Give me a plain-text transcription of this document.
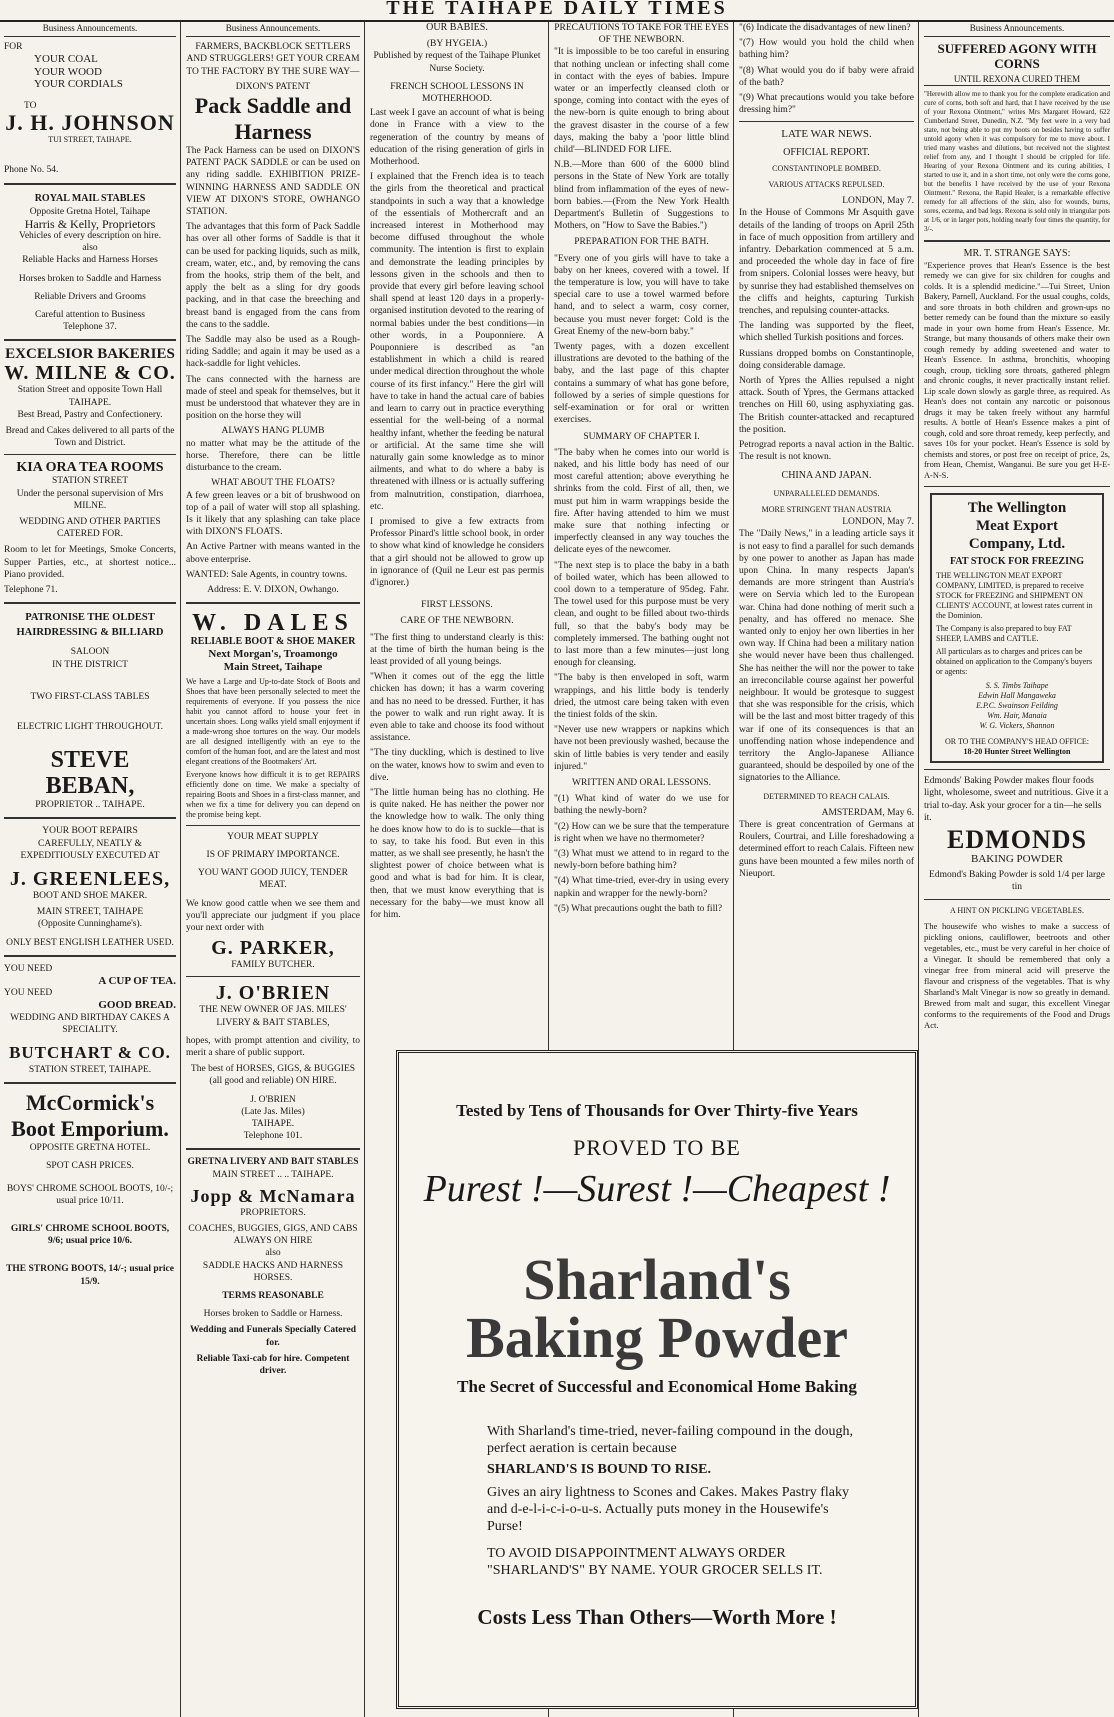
THE TAIHAPE DAILY TIMES
Business Announcements.
FOR
YOUR COAL
YOUR WOOD
YOUR CORDIALS
TO
J. H. JOHNSON
TUI STREET, TAIHAPE.
Phone No. 54.
ROYAL MAIL STABLES
Opposite Gretna Hotel, Taihape
Harris & Kelly, Proprietors
Vehicles of every description on hire.
also
Reliable Hacks and Harness Horses
Horses broken to Saddle and Harness
Reliable Drivers and Grooms
Careful attention to Business
Telephone 37.
EXCELSIOR BAKERIES
W. MILNE & CO.
Station Street and opposite Town Hall TAIHAPE.
Best Bread, Pastry and Confectionery.
Bread and Cakes delivered to all parts of the Town and District.
KIA ORA TEA ROOMS
STATION STREET
Under the personal supervision of Mrs MILNE.
WEDDING AND OTHER PARTIES CATERED FOR.

Room to let for Meetings, Smoke Concerts, Supper Parties, etc., at shortest notice... Piano provided.

Telephone 71.
PATRONISE THE OLDEST HAIRDRESSING & BILLIARD
SALOON
IN THE DISTRICT
TWO FIRST-CLASS TABLES
ELECTRIC LIGHT THROUGHOUT.
STEVE BEBAN,
PROPRIETOR .. TAIHAPE.
YOUR BOOT REPAIRS
CAREFULLY, NEATLY & EXPEDITIOUSLY EXECUTED AT
J. GREENLEES,
BOOT AND SHOE MAKER.
MAIN STREET, TAIHAPE
(Opposite Cunninghame's).
ONLY BEST ENGLISH LEATHER USED.
YOU NEED
A CUP OF TEA.
YOU NEED
GOOD BREAD.
WEDDING AND BIRTHDAY CAKES A SPECIALITY.
BUTCHART & CO.
STATION STREET, TAIHAPE.
McCormick's
Boot Emporium.
OPPOSITE GRETNA HOTEL.
SPOT CASH PRICES.
BOYS' CHROME SCHOOL BOOTS, 10/-; usual price 10/11.
GIRLS' CHROME SCHOOL BOOTS, 9/6; usual price 10/6.
THE STRONG BOOTS, 14/-; usual price 15/9.
Business Announcements.

FARMERS, BACKBLOCK SETTLERS AND STRUGGLERS! GET YOUR CREAM TO THE FACTORY BY THE SURE WAY—

DIXON'S PATENT
Pack Saddle and Harness

The Pack Harness can be used on DIXON'S PATENT PACK SADDLE or can be used on any riding saddle. EXHIBITION PRIZE-WINNING HARNESS AND SADDLE ON VIEW AT DIXON'S STORE, OWHANGO STATION.

The advantages that this form of Pack Saddle has over all other forms of Saddle is that it can be used for packing liquids, such as milk, cream, water, etc., and, by removing the cans from the hooks, strip them of the belt, and apply the belt as a sling for dry goods packing, and in that case the breeching and breast band is engaged from the cans from the cans to the saddle.

The Saddle may also be used as a Rough-riding Saddle; and again it may be used as a hack-saddle for light vehicles.

The cans connected with the harness are made of steel and speak for themselves, but it must be understood that whatever they are in position on the horse they will

ALWAYS HANG PLUMB

no matter what may be the attitude of the horse. Therefore, there can be little disturbance to the cream.

WHAT ABOUT THE FLOATS?

A few green leaves or a bit of brushwood on top of a pail of water will stop all splashing. Is it likely that any splashing can take place with DIXON'S FLOATS.

An Active Partner with means wanted in the above enterprise.

WANTED: Sale Agents, in country towns.

Address: E. V. DIXON, Owhango.
W. DALES
RELIABLE BOOT & SHOE MAKER
Next Morgan's, Troamongo
Main Street, Taihape

We have a Large and Up-to-date Stock of Boots and Shoes that have been personally selected to meet the requirements of everyone. If you possess the nice habit you cannot afford to house your feet in uncertain shoes. Long walks yield small enjoyment if a made-wrong shoe tortures on the way. Our models are all designed intelligently with an eye to the comfort of the human foot, and are the latest and most elegant creations of the Bootmakers' Art.

Everyone knows how difficult it is to get REPAIRS efficiently done on time. We make a specialty of repairing Boots and Shoes in a first-class manner, and when we fix a time for delivery you can depend on the promise being kept.

YOUR MEAT SUPPLY
IS OF PRIMARY IMPORTANCE.
YOU WANT GOOD JUICY, TENDER MEAT.

We know good cattle when we see them and you'll appreciate our judgment if you place your next order with

G. PARKER,
FAMILY BUTCHER.
J. O'BRIEN
THE NEW OWNER OF JAS. MILES' LIVERY & BAIT STABLES,

hopes, with prompt attention and civility, to merit a share of public support.

The best of HORSES, GIGS, & BUGGIES (all good and reliable) ON HIRE.
J. O'BRIEN
(Late Jas. Miles)
TAIHAPE.
Telephone 101.
GRETNA LIVERY AND BAIT STABLES
MAIN STREET .. .. TAIHAPE.
Jopp & McNamara
PROPRIETORS.
COACHES, BUGGIES, GIGS, AND CABS ALWAYS ON HIRE
also
SADDLE HACKS AND HARNESS HORSES.
TERMS REASONABLE
Horses broken to Saddle or Harness.
Wedding and Funerals Specially Catered for.
Reliable Taxi-cab for hire. Competent driver.
OUR BABIES.
(BY HYGEIA.)

Published by request of the Taihape Plunket Nurse Society.

FRENCH SCHOOL LESSONS IN MOTHERHOOD.

Last week I gave an account of what is being done in France with a view to the regeneration of the country by means of education of the rising generation of girls in Motherhood.

I explained that the French idea is to teach the girls from the theoretical and practical standpoints in such a way that a knowledge of the essentials of Mothercraft and an increased interest in Motherhood may become diffused throughout the whole community. The intention is first to explain and demonstrate the leading principles by lessons given in the schools and then to provide that every girl before leaving school shall spend at least 120 days in a properly-organised institution devoted to the rearing of normal babies under the best conditions—in other words, in a Pouponniere. A Pouponniere is described as "an establishment in which a child is reared under medical direction throughout the whole course of its first infancy." Here the girl will have to take in hand the actual care of babies and learn to carry out in practice everything essential for the well-being of a normal healthy infant, whether the feeding be natural or artificial. At the same time she will naturally gain some knowledge as to minor ailments, and what to do where a baby is threatened with illness or is actually suffering from malnutrition, constipation, diarrhoea, etc.

I promised to give a few extracts from Professor Pinard's little school book, in order to show what kind of knowledge he considers that a girl should not be allowed to grow up in ignorance of (Quil ne Leur est pas permis d'ignorer.)

FIRST LESSONS.
CARE OF THE NEWBORN.

"The first thing to understand clearly is this: at the time of birth the human being is the least provided of all young beings.

"When it comes out of the egg the little chicken has down; it has a warm covering and has no need to be dressed. Further, it has the power to walk and run right away. It is even able to take and choose its food without assistance.

"The tiny duckling, which is destined to live on the water, knows how to swim and even to dive.

"The little human being has no clothing. He is quite naked. He has neither the power nor the knowledge how to walk. The only thing he does know how to do is to suckle—that is to say, to take his food. But even in this matter, as we shall see presently, he hasn't the slightest power of choice between what is good and what is bad for him. It is clear, then, that we must know everything that is necessary for the baby—we must know all for him.

PRECAUTIONS TO TAKE FOR THE EYES OF THE NEWBORN.

"It is impossible to be too careful in ensuring that nothing unclean or infecting shall come in contact with the eyes of babies. Impure water or an imperfectly cleansed cloth or sponge, coming into contact with the eyes of the new-born is quite enough to bring about the gravest disaster in the course of a few days, making the baby a 'poor little blind child'—BLINDED FOR LIFE.

N.B.—More than 600 of the 6000 blind persons in the State of New York are totally blind from inflammation of the eyes of new-born babies.—(From the New York Health Department's Bulletin of Suggestions to Mothers, on "How to Save the Babies.")

PREPARATION FOR THE BATH.

"Every one of you girls will have to take a baby on her knees, covered with a towel. If the temperature is low, you will have to take special care to use a towel warmed before hand, and to select a warm, cosy corner, because you must never forget: Cold is the Great Enemy of the new-born baby."

Twenty pages, with a dozen excellent illustrations are devoted to the bathing of the baby, and the last page of this chapter contains a summary of what has gone before, followed by a series of simple questions for self-examination or for oral or written exercises.

SUMMARY OF CHAPTER I.

"The baby when he comes into our world is naked, and his little body has need of our most careful attention; above everything he shrinks from the cold. First of all, then, we must put him in warm wrappings beside the fire. After having attended to him we must make sure that nothing infecting or imperfectly cleansed in any way touches the delicate eyes of the newcomer.

"The next step is to place the baby in a bath of boiled water, which has been allowed to cool down to a temperature of 95deg. Fahr. The towel used for this purpose must be very clean, and ought to be filled about two-thirds full, so that the baby's body may be completely immersed. The bathing ought not to last more than a few minutes—just long enough for cleansing.

"The baby is then enveloped in soft, warm wrappings, and his little body is tenderly dried, the utmost care being taken with even the tiniest folds of the skin.

"Never use new wrappers or napkins which have not been previously washed, because the skin of little babies is very tender and easily injured."

WRITTEN AND ORAL LESSONS.

"(1) What kind of water do we use for bathing the newly-born?

"(2) How can we be sure that the temperature is right when we have no thermometer?

"(3) What must we attend to in regard to the newly-born before bathing him?

"(4) What time-tried, ever-dry in using every napkin and wrapper for the newly-born?

"(5) What precautions ought the bath to fill?

"(6) Indicate the disadvantages of new linen?

"(7) How would you hold the child when bathing him?

"(8) What would you do if baby were afraid of the bath?

"(9) What precautions would you take before dressing him?"

LATE WAR NEWS.
OFFICIAL REPORT.
CONSTANTINOPLE BOMBED.
VARIOUS ATTACKS REPULSED.
LONDON, May 7.

In the House of Commons Mr Asquith gave details of the landing of troops on April 25th in face of much opposition from artillery and infantry. Debarkation commenced at 5 a.m. and proceeded the whole day in face of fire from snipers. Colonial losses were heavy, but by sunrise they had established themselves on the cliffs and heights, capturing Turkish trenches, and repulsing counter-attacks.

The landing was supported by the fleet, which shelled Turkish positions and forces.

Russians dropped bombs on Constantinople, doing considerable damage.

North of Ypres the Allies repulsed a night attack. South of Ypres, the Germans attacked trenches on Hill 60, using asphyxiating gas. The British counter-attacked and recaptured the position.

Petrograd reports a naval action in the Baltic. The result is not known.

CHINA AND JAPAN.
UNPARALLELED DEMANDS.
MORE STRINGENT THAN AUSTRIA
LONDON, May 7.

The "Daily News," in a leading article says it is not easy to find a parallel for such demands by one power to another as Japan has made upon China. In many respects Japan's demands are more stringent than Austria's were on Servia which led to the European war. China had done nothing of merit such a penalty, and has offered no menace. She wanted only to enjoy her own liberties in her own way. If China had been a military nation she would never have been thus challenged. She has neither the will nor the power to take an irreconcilable course against her powerful neighbour. It would be grotesque to suggest that she was responsible for the crisis, which will be the last and most bitter tragedy of this war if one of its consequences is that an unoffending nation whose independence and territory the Anglo-Japanese Alliance guaranteed, should be despoiled by one of the signatories to the Alliance.

DETERMINED TO REACH CALAIS.
AMSTERDAM, May 6.

There is great concentration of Germans at Roulers, Courtrai, and Lille foreshadowing a determined effort to reach Calais. Fifteen new guns have been mounted a few miles north of Nieuport.

Business Announcements.
SUFFERED AGONY WITH CORNS
UNTIL REXONA CURED THEM

"Herewith allow me to thank you for the complete eradication and cure of corns, both soft and hard, that I have received by the use of your Rexona Ointment," writes Mrs Margaret Howard, 622 Cumberland Street, Dunedin, N.Z. "My feet were in a very bad state, not being able to put my boots on besides having to suffer untold agony when it was compulsory for me to move about. I tried many washes and dilutions, but received not the slightest relief from any, and I thought I should be crippled for life. Hearing of your Rexona Ointment and its curing abilities, I started to use it, and in a short time, not only were the corns gone, but the benefits I have received by the use of your Rexona Ointment." Rexona, the Rapid Healer, is a remarkable effective remedy for all affections of the skin, also for wounds, burns, sores, eczema, and bad legs. Rexona is sold only in triangular pots at 1/6, or in larger pots, holding nearly four times the quantity, for 3/-.

MR. T. STRANGE SAYS:

"Experience proves that Hean's Essence is the best remedy we can give for six children for coughs and colds. It is a splendid medicine."—Tui Street, Union Bakery, Parnell, Auckland. For the usual coughs, colds, and sore throats in both children and grown-ups no better remedy can be found than the mixture so easily made in your own home from Hean's Essence. Mr. Strange, but many thousands of others make their own cough remedy by adding sweetened and water to Hean's Essence. In asthma, bronchitis, whooping cough, croup, tickling sore throats, gathered phlegm and chronic coughs, it never practically instant relief. Lip scale down slowly as gargle three, as required. As Hean's does not contain any narcotic or poisonous drugs it may be taken freely without any harmful results. A bottle of Hean's Essence makes a pint of cough, cold and sore throat remedy, keep perfectly, and saves 10s for your pocket. Hean's Essence is sold by chemists and stores, or post free on receipt of price, 2s, from Hean, Chemist, Wanganui. Be sure you get H-E-A-N-S.

The Wellington
Meat Export
Company, Ltd.
FAT STOCK FOR FREEZING

THE WELLINGTON MEAT EXPORT COMPANY, LIMITED, is prepared to receive STOCK for FREEZING and SHIPMENT ON CLIENTS' ACCOUNT, at lowest rates current in the Dominion.

The Company is also prepared to buy FAT SHEEP, LAMBS and CATTLE.

All particulars as to charges and prices can be obtained on application to the Company's buyers or agents:

S. S. Timbs Taihape
Edwin Hall Mangaweka
E.P.C. Swainson Feilding
Wm. Hair, Manaia
W. G. Vickers, Shannon
OR TO THE COMPANY'S HEAD OFFICE:
18-20 Hunter Street Wellington

Edmonds' Baking Powder makes flour foods light, wholesome, sweet and nutritious. Give it a trial to-day. Ask your grocer for a tin—he sells it.

EDMONDS
BAKING POWDER
Edmond's Baking Powder is sold 1/4 per large tin
A HINT ON PICKLING VEGETABLES.

The housewife who wishes to make a success of pickling onions, cauliflower, beetroots and other vegetables, etc., must be very careful in her choice of a Vinegar. It should be remembered that only a vinegar free from mineral acid will preserve the flavour and crispness of the vegetables. That is why Sharland's Malt Vinegar is now so greatly in demand. Brewed from malt and sugar, this excellent Vinegar conforms to the requirements of the Food and Drugs Act.

Tested by Tens of Thousands for Over Thirty-five Years
PROVED TO BE
Purest !—Surest !—Cheapest !
Sharland's
Baking Powder
The Secret of Successful and Economical Home Baking
With Sharland's time-tried, never-failing compound in the dough, perfect aeration is certain because
SHARLAND'S IS BOUND TO RISE.
Gives an airy lightness to Scones and Cakes. Makes Pastry flaky and d-e-l-i-c-i-o-u-s. Actually puts money in the Housewife's Purse!
TO AVOID DISAPPOINTMENT ALWAYS ORDER
"SHARLAND'S" BY NAME. YOUR GROCER SELLS IT.
Costs Less Than Others—Worth More !
